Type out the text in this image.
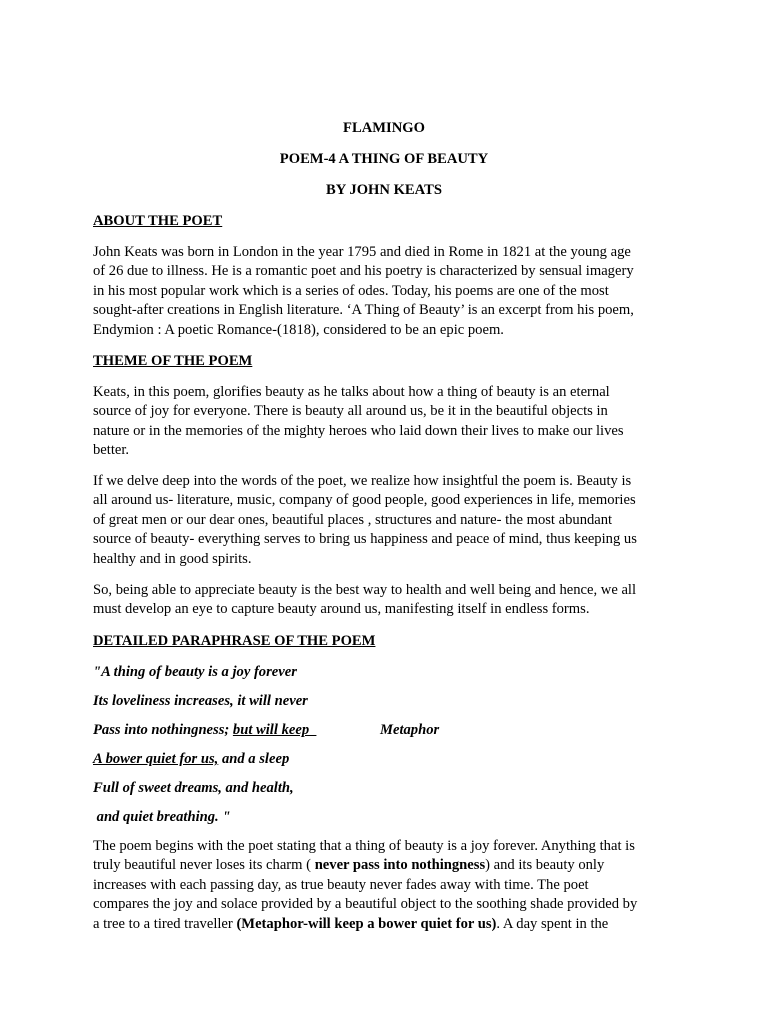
FLAMINGO

POEM-4 A THING OF BEAUTY

BY JOHN KEATS

ABOUT THE POET

John Keats was born in London in the year 1795 and died in Rome in 1821 at the young age
of 26 due to illness. He is a romantic poet and his poetry is characterized by sensual imagery
in his most popular work which is a series of odes. Today, his poems are one of the most
sought-after creations in English literature. ‘A Thing of Beauty’ is an excerpt from his poem,
Endymion : A poetic Romance-(1818), considered to be an epic poem.

THEME OF THE POEM

Keats, in this poem, glorifies beauty as he talks about how a thing of beauty is an eternal
source of joy for everyone. There is beauty all around us, be it in the beautiful objects in
nature or in the memories of the mighty heroes who laid down their lives to make our lives
better.

If we delve deep into the words of the poet, we realize how insightful the poem is. Beauty is
all around us- literature, music, company of good people, good experiences in life, memories
of great men or our dear ones, beautiful places , structures and nature- the most abundant
source of beauty- everything serves to bring us happiness and peace of mind, thus keeping us
healthy and in good spirits.

So, being able to appreciate beauty is the best way to health and well being and hence, we all
must develop an eye to capture beauty around us, manifesting itself in endless forms.

DETAILED PARAPHRASE OF THE POEM

"A thing of beauty is a joy forever

Its loveliness increases, it will never

Pass into nothingness; but will keep	Metaphor

A bower quiet for us, and a sleep

Full of sweet dreams, and health,

and quiet breathing. "

The poem begins with the poet stating that a thing of beauty is a joy forever. Anything that is
truly beautiful never loses its charm ( never pass into nothingness) and its beauty only
increases with each passing day, as true beauty never fades away with time. The poet
compares the joy and solace provided by a beautiful object to the soothing shade provided by
a tree to a tired traveller (Metaphor-will keep a bower quiet for us). A day spent in the
